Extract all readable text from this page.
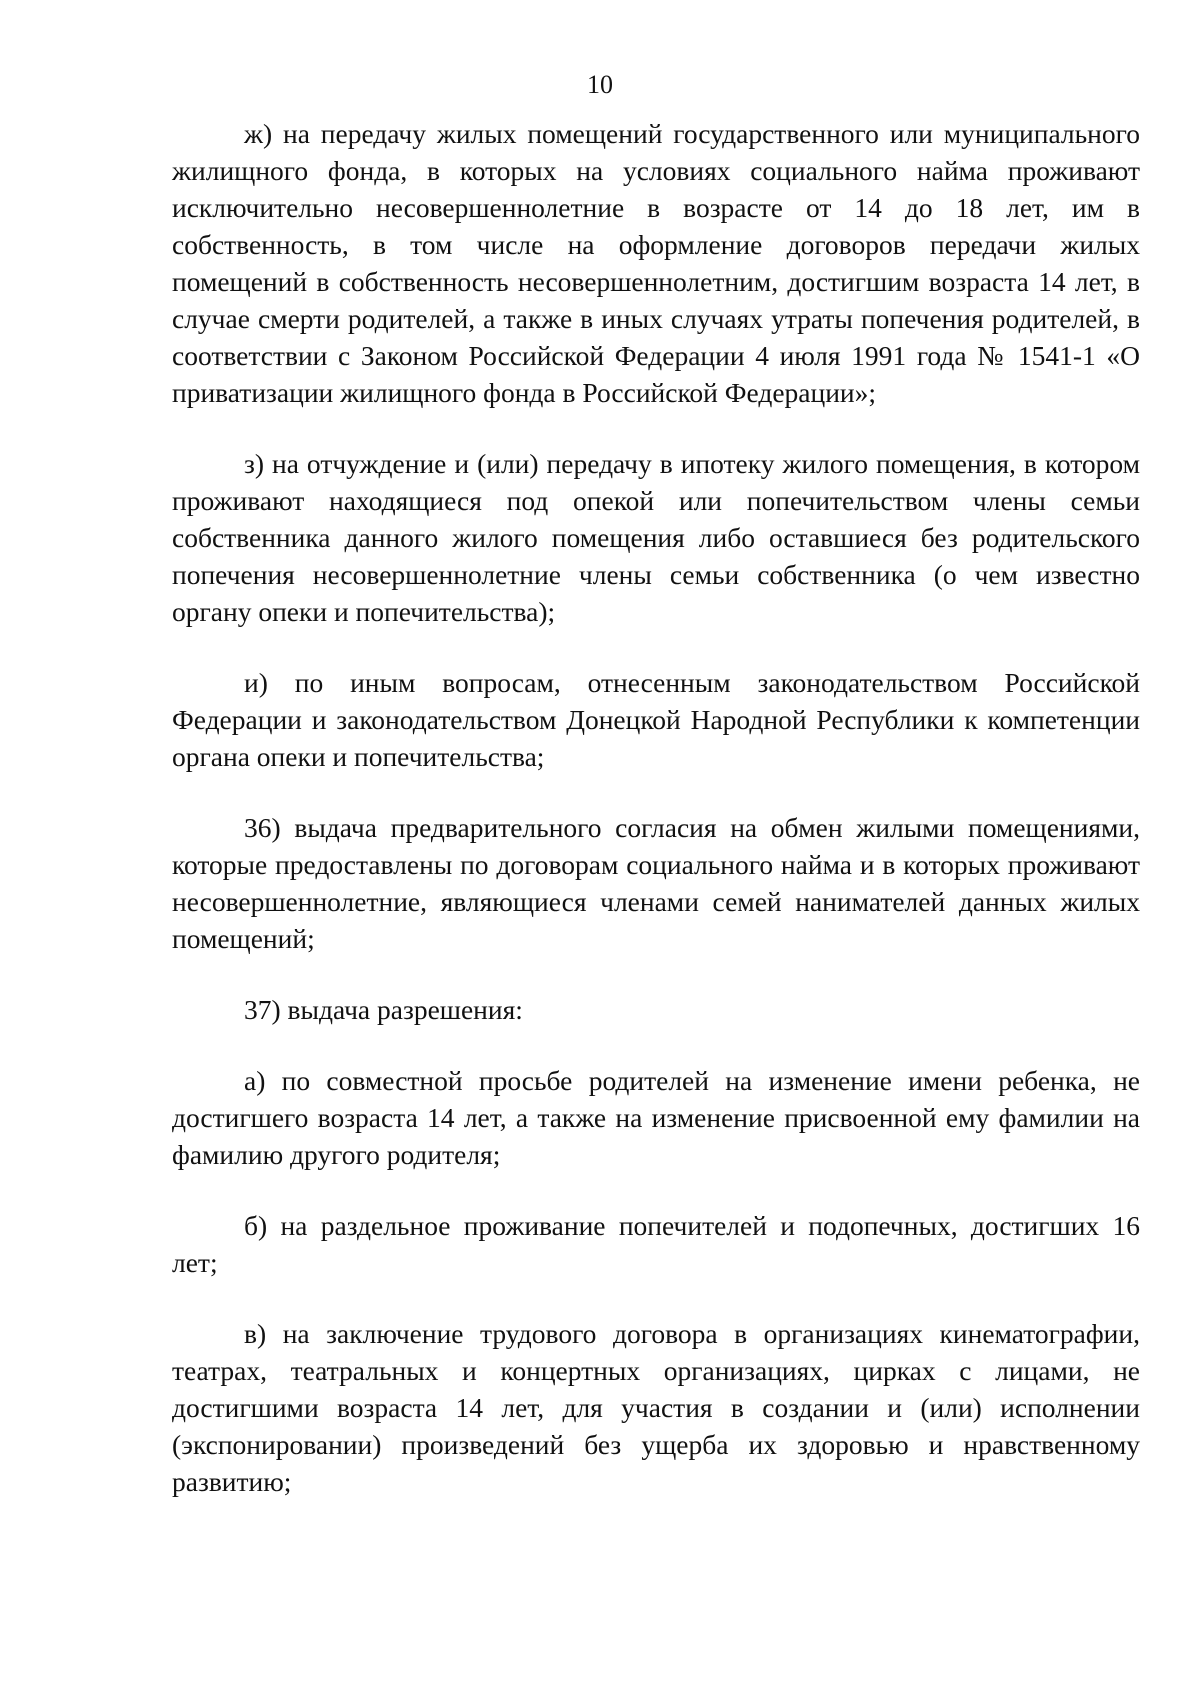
10

ж) на передачу жилых помещений государственного или муниципального жилищного фонда, в которых на условиях социального найма проживают исключительно несовершеннолетние в возрасте от 14 до 18 лет, им в собственность, в том числе на оформление договоров передачи жилых помещений в собственность несовершеннолетним, достигшим возраста 14 лет, в случае смерти родителей, а также в иных случаях утраты попечения родителей, в соответствии с Законом Российской Федерации 4 июля 1991 года № 1541-1 «О приватизации жилищного фонда в Российской Федерации»;

з) на отчуждение и (или) передачу в ипотеку жилого помещения, в котором проживают находящиеся под опекой или попечительством члены семьи собственника данного жилого помещения либо оставшиеся без родительского попечения несовершеннолетние члены семьи собственника (о чем известно органу опеки и попечительства);

и) по иным вопросам, отнесенным законодательством Российской Федерации и законодательством Донецкой Народной Республики к компетенции органа опеки и попечительства;

36) выдача предварительного согласия на обмен жилыми помещениями, которые предоставлены по договорам социального найма и в которых проживают несовершеннолетние, являющиеся членами семей нанимателей данных жилых помещений;

37) выдача разрешения:

а) по совместной просьбе родителей на изменение имени ребенка, не достигшего возраста 14 лет, а также на изменение присвоенной ему фамилии на фамилию другого родителя;

б) на раздельное проживание попечителей и подопечных, достигших 16 лет;

в) на заключение трудового договора в организациях кинематографии, театрах, театральных и концертных организациях, цирках с лицами, не достигшими возраста 14 лет, для участия в создании и (или) исполнении (экспонировании) произведений без ущерба их здоровью и нравственному развитию;
